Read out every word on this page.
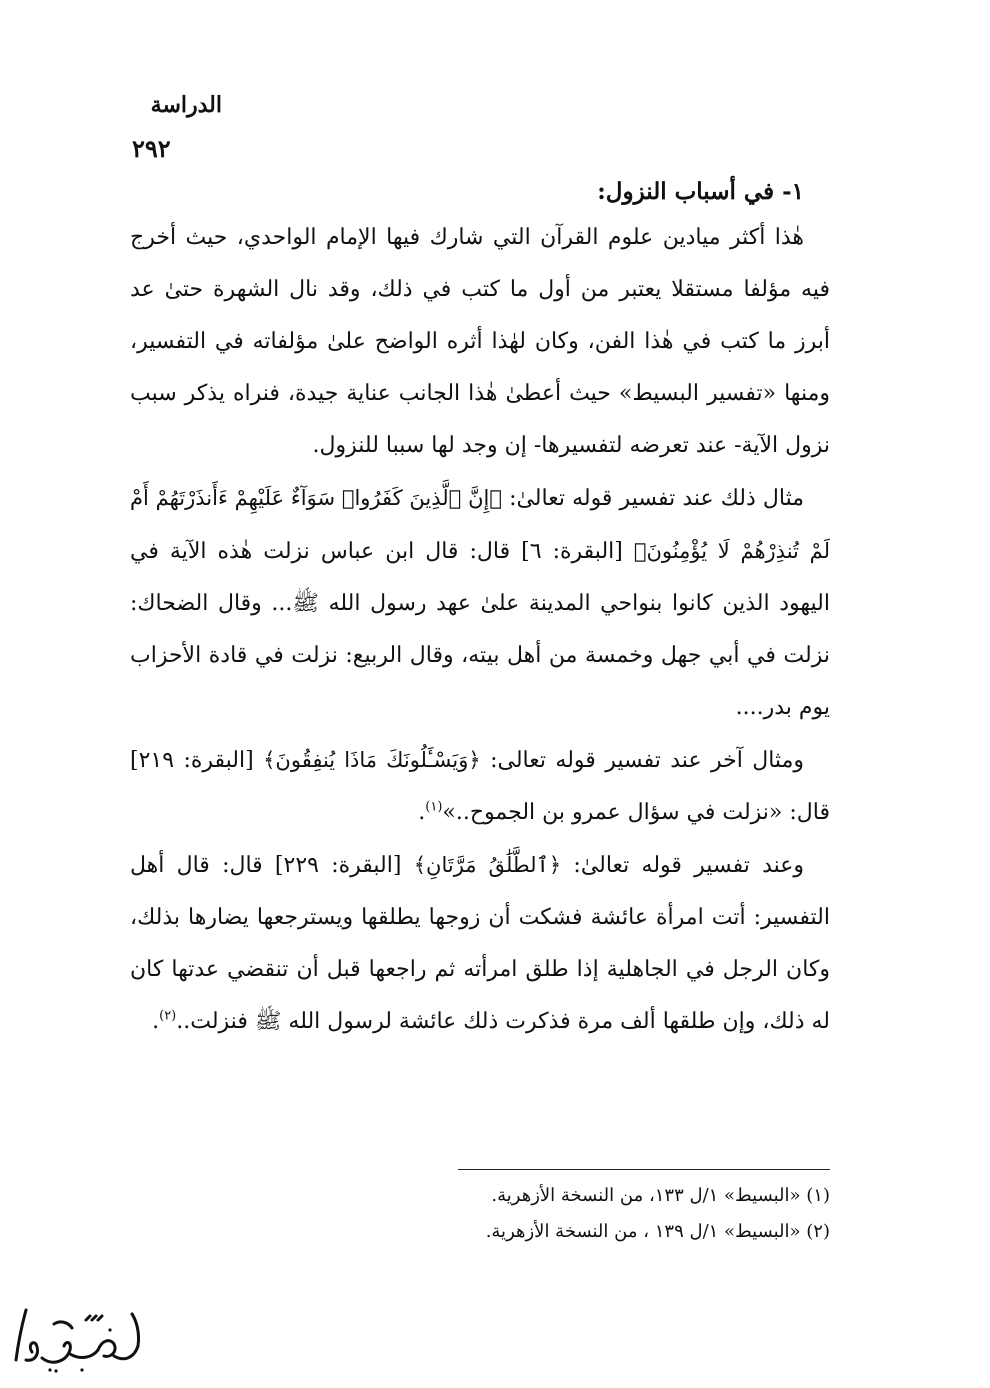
الدراسة
٢٩٢

١- في أسباب النزول:

هٰذا أكثر ميادين علوم القرآن التي شارك فيها الإمام الواحدي، حيث أخرج فيه مؤلفا مستقلا يعتبر من أول ما كتب في ذلك، وقد نال الشهرة حتىٰ عد أبرز ما كتب في هٰذا الفن، وكان لهٰذا أثره الواضح علىٰ مؤلفاته في التفسير، ومنها «تفسير البسيط» حيث أعطىٰ هٰذا الجانب عناية جيدة، فنراه يذكر سبب نزول الآية- عند تعرضه لتفسيرها- إن وجد لها سببا للنزول.

مثال ذلك عند تفسير قوله تعالىٰ: ﴿إِنَّ ٱلَّذِينَ كَفَرُوا۟ سَوَآءٌ عَلَيْهِمْ ءَأَنذَرْتَهُمْ أَمْ لَمْ تُنذِرْهُمْ لَا يُؤْمِنُونَ﴾ [البقرة: ٦] قال: قال ابن عباس نزلت هٰذه الآية في اليهود الذين كانوا بنواحي المدينة علىٰ عهد رسول الله ﷺ... وقال الضحاك: نزلت في أبي جهل وخمسة من أهل بيته، وقال الربيع: نزلت في قادة الأحزاب يوم بدر....

ومثال آخر عند تفسير قوله تعالى: ﴿وَيَسْـَٔلُونَكَ مَاذَا يُنفِقُونَ﴾ [البقرة: ٢١٩] قال: «نزلت في سؤال عمرو بن الجموح..»$^{(١)}$.

وعند تفسير قوله تعالىٰ: ﴿ٱلطَّلَٰقُ مَرَّتَانِ﴾ [البقرة: ٢٢٩] قال: قال أهل التفسير: أتت امرأة عائشة فشكت أن زوجها يطلقها ويسترجعها يضارها بذلك، وكان الرجل في الجاهلية إذا طلق امرأته ثم راجعها قبل أن تنقضي عدتها كان له ذلك، وإن طلقها ألف مرة فذكرت ذلك عائشة لرسول الله ﷺ فنزلت..$^{(٢)}$.

(١) «البسيط» ١/ل ١٣٣، من النسخة الأزهرية.

(٢) «البسيط» ١/ل ١٣٩ ، من النسخة الأزهرية.
